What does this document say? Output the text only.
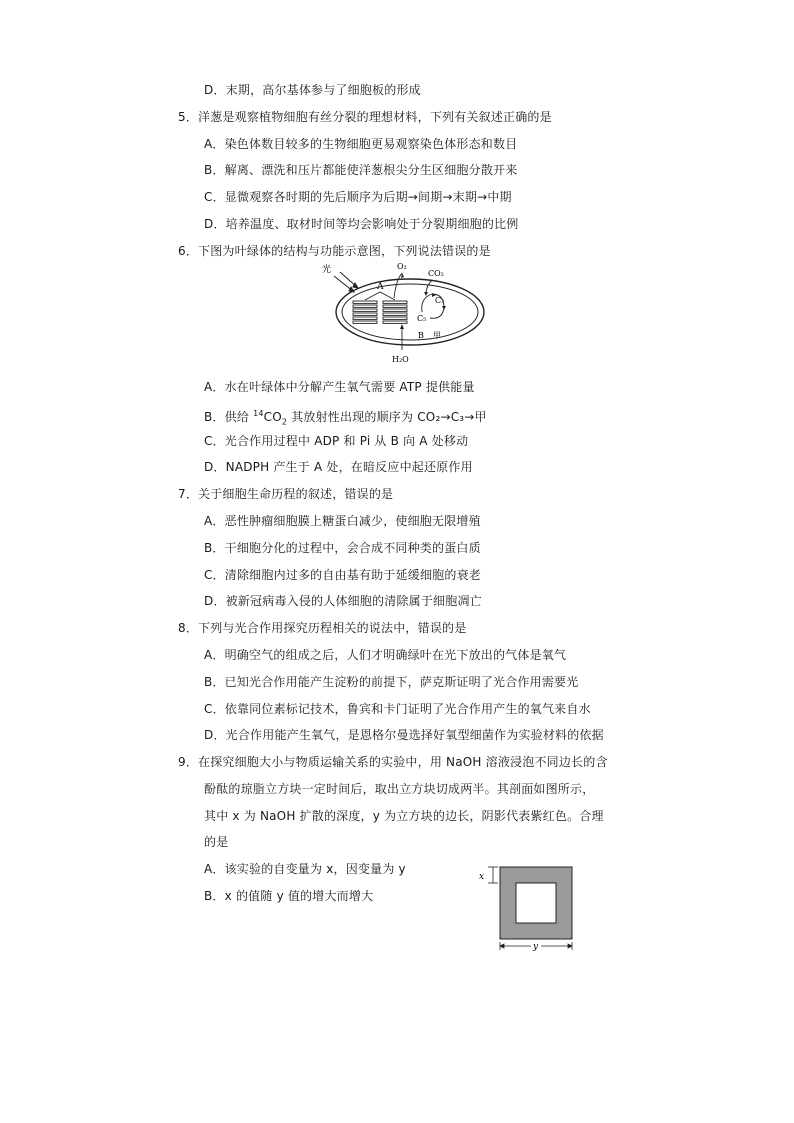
D．末期，高尔基体参与了细胞板的形成
5．洋葱是观察植物细胞有丝分裂的理想材料，下列有关叙述正确的是
A．染色体数目较多的生物细胞更易观察染色体形态和数目
B．解离、漂洗和压片都能使洋葱根尖分生区细胞分散开来
C．显微观察各时期的先后顺序为后期→间期→末期→中期
D．培养温度、取材时间等均会影响处于分裂期细胞的比例
6．下图为叶绿体的结构与功能示意图，下列说法错误的是
A
光	O₂
CO₂
C₃
C₅
B 甲
H₂O
A．水在叶绿体中分解产生氧气需要 ATP 提供能量
B．供给 $^{14}CO_2$ 其放射性出现的顺序为 CO₂→C₃→甲
C．光合作用过程中 ADP 和 Pi 从 B 向 A 处移动
D．NADPH 产生于 A 处，在暗反应中起还原作用
7．关于细胞生命历程的叙述，错误的是
A．恶性肿瘤细胞膜上糖蛋白减少，使细胞无限增殖
B．干细胞分化的过程中，会合成不同种类的蛋白质
C．清除细胞内过多的自由基有助于延缓细胞的衰老
D．被新冠病毒入侵的人体细胞的清除属于细胞凋亡
8．下列与光合作用探究历程相关的说法中，错误的是
A．明确空气的组成之后，人们才明确绿叶在光下放出的气体是氧气
B．已知光合作用能产生淀粉的前提下，萨克斯证明了光合作用需要光
C．依靠同位素标记技术，鲁宾和卡门证明了光合作用产生的氧气来自水
D．光合作用能产生氧气，是恩格尔曼选择好氧型细菌作为实验材料的依据
9．在探究细胞大小与物质运输关系的实验中，用 NaOH 溶液浸泡不同边长的含
酚酞的琼脂立方块一定时间后，取出立方块切成两半。其剖面如图所示，
其中 x 为 NaOH 扩散的深度，y 为立方块的边长，阴影代表紫红色。合理
的是
A．该实验的自变量为 x，因变量为 y
B．x 的值随 y 值的增大而增大
x
y
